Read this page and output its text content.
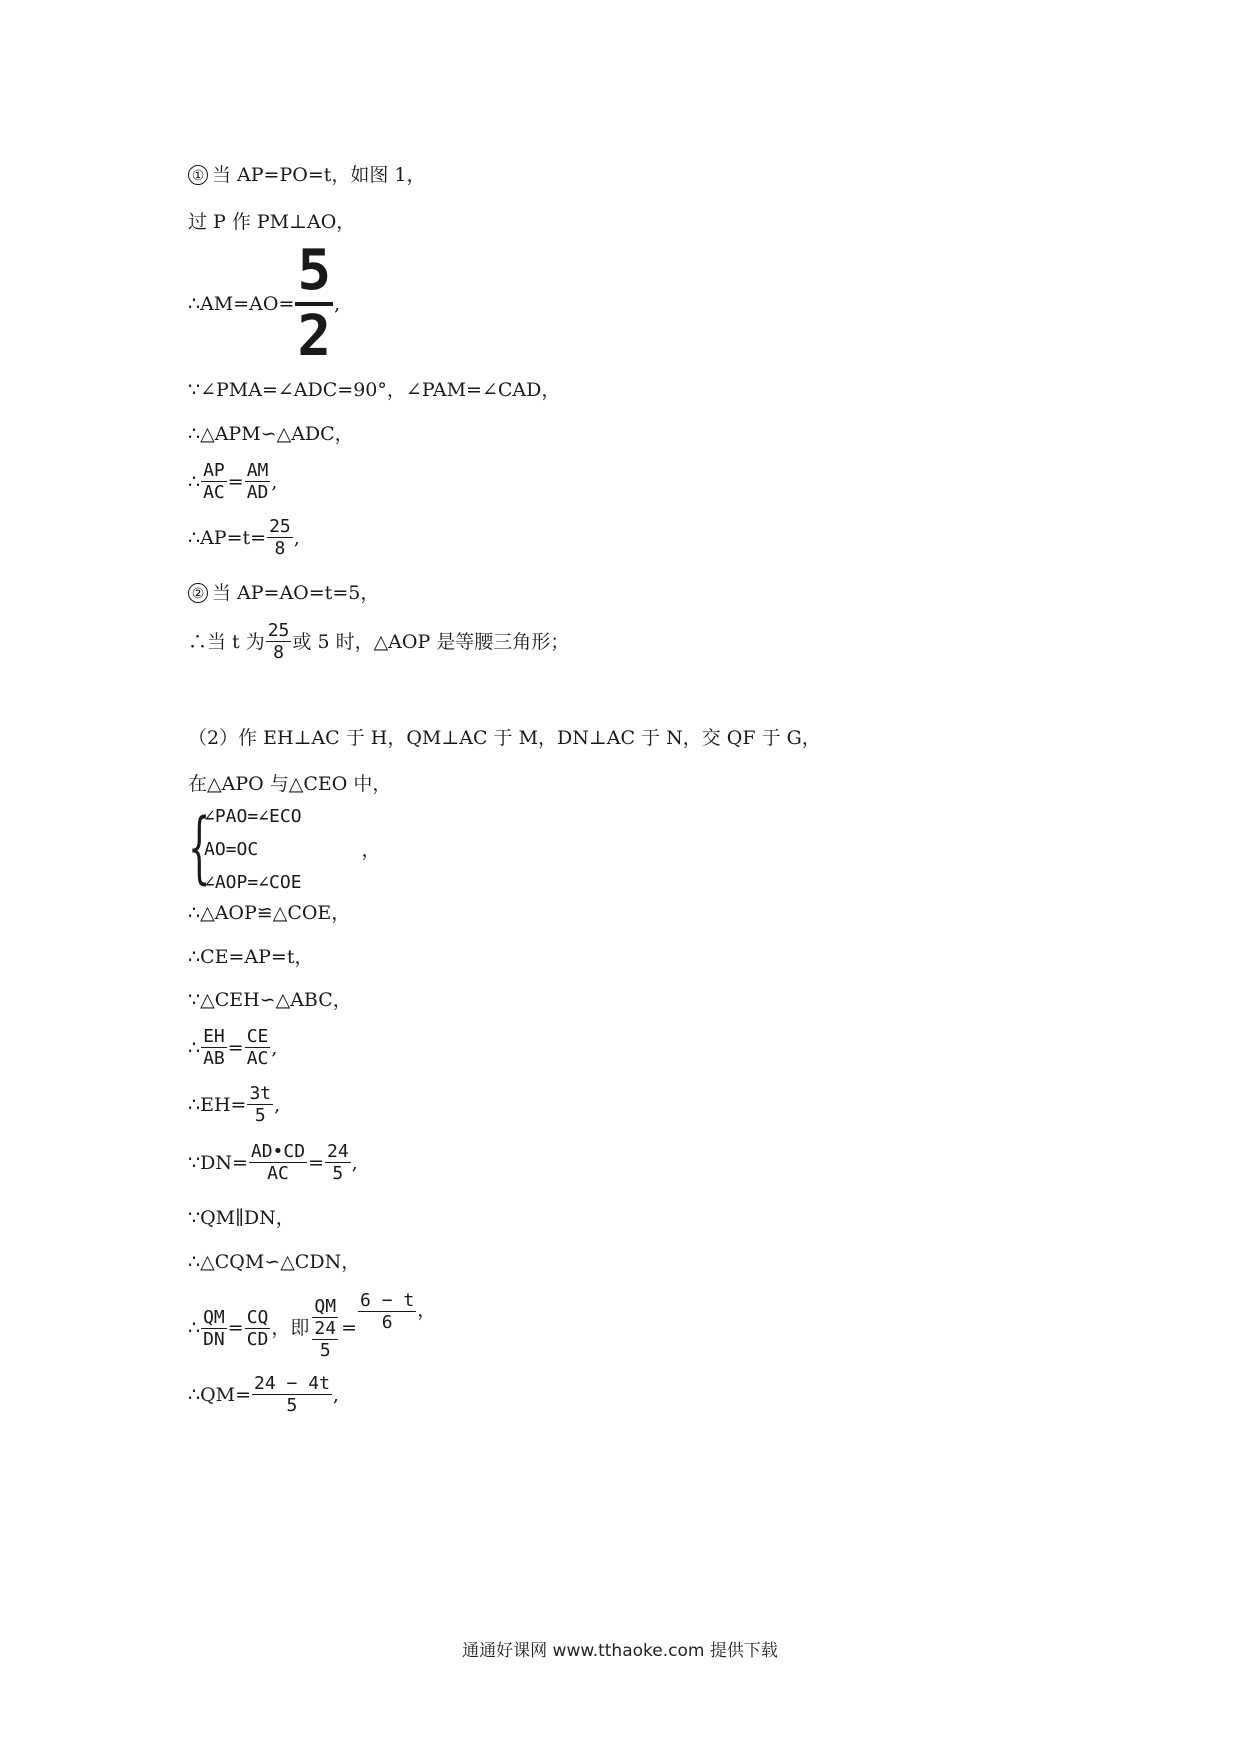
① 当 AP=PO=t，如图 1，
过 P 作 PM⊥AO，
∴AM=AO= $\frac{5}{2}$ ,
∵∠PMA=∠ADC=90°，∠PAM=∠CAD，
∴△APM∽△ADC，
∴ $\frac{AP}{AC} = \frac{AM}{AD}$ ,
∴AP=t= $\frac{25}{8}$ ,
② 当 AP=AO=t=5，
∴当 t 为 $\frac{25}{8}$ 或 5 时，△AOP 是等腰三角形；
（2）作 EH⊥AC 于 H，QM⊥AC 于 M，DN⊥AC 于 N，交 QF 于 G，
在△APO 与△CEO 中，
{
∠PAO=∠ECO
AO=OC
∠AOP=∠COE
，
∴△AOP≌△COE，
∴CE=AP=t，
∵△CEH∽△ABC，
∴ $\frac{EH}{AB} = \frac{CE}{AC}$ ,
∴EH= $\frac{3t}{5}$ ,
∵DN= $\frac{AD•CD}{AC} = \frac{24}{5}$ ,
∵QM∥DN，
∴△CQM∽△CDN，
∴ $\frac{QM}{DN} = \frac{CQ}{CD}$ ，即 $\frac{QM}{\frac{24}{5}} = \frac{6 - t}{6}$ ，
∴QM= $\frac{24 - 4t}{5}$ ,
通通好课网 www.tthaoke.com 提供下载
